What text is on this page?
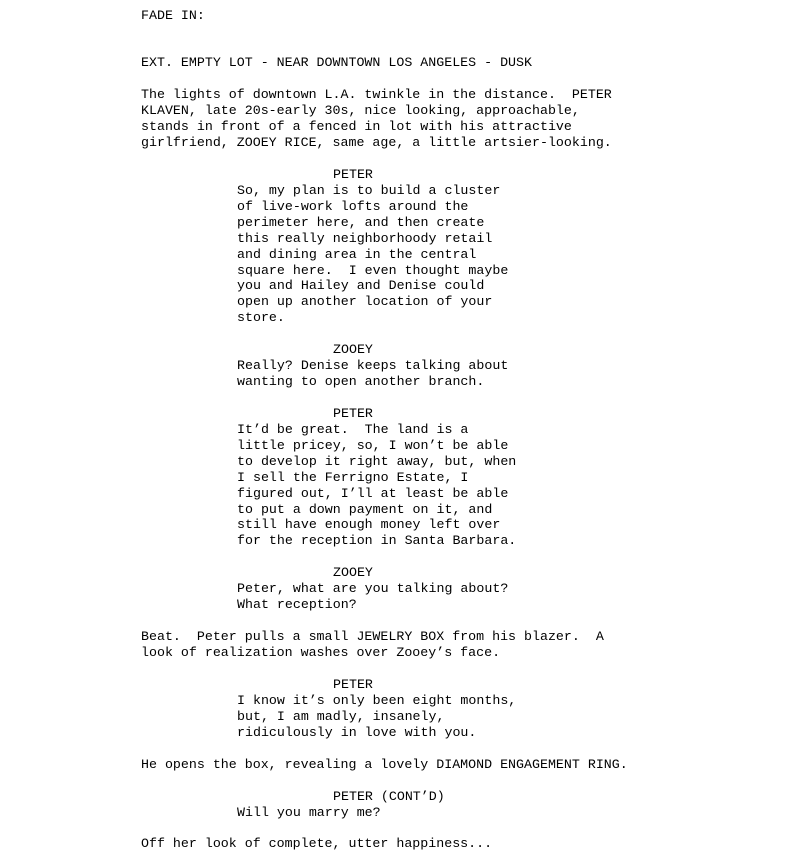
FADE IN:

EXT. EMPTY LOT - NEAR DOWNTOWN LOS ANGELES - DUSK

The lights of downtown L.A. twinkle in the distance.  PETER
KLAVEN, late 20s-early 30s, nice looking, approachable,
stands in front of a fenced in lot with his attractive
girlfriend, ZOOEY RICE, same age, a little artsier-looking.

PETER

So, my plan is to build a cluster
of live-work lofts around the
perimeter here, and then create
this really neighborhoody retail
and dining area in the central
square here.  I even thought maybe
you and Hailey and Denise could
open up another location of your
store.

ZOOEY

Really? Denise keeps talking about
wanting to open another branch.

PETER

It’d be great.  The land is a
little pricey, so, I won’t be able
to develop it right away, but, when
I sell the Ferrigno Estate, I
figured out, I’ll at least be able
to put a down payment on it, and
still have enough money left over
for the reception in Santa Barbara.

ZOOEY

Peter, what are you talking about?
What reception?

Beat.  Peter pulls a small JEWELRY BOX from his blazer.  A
look of realization washes over Zooey’s face.

PETER

I know it’s only been eight months,
but, I am madly, insanely,
ridiculously in love with you.

He opens the box, revealing a lovely DIAMOND ENGAGEMENT RING.

PETER (CONT’D)

Will you marry me?

Off her look of complete, utter happiness...
